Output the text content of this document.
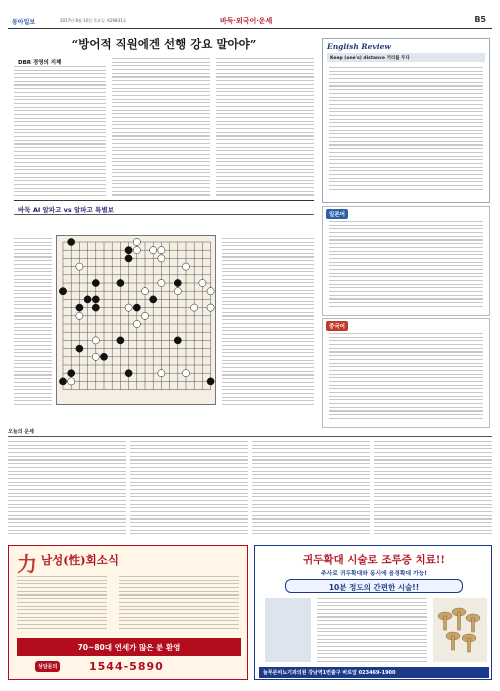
동아일보	2017년 8월 10일 목요일 제29831호	바둑·외국어·운세	B5
“방어적 직원에겐 선행 강요 말아야”
DBR 경영의 지혜
English Review
Keep (one's) distance 거리를 두다
일본어
중국어
바둑 AI 알파고 vs 알파고 특별보
오늘의 운세
力 남성(性)회소식
70~80대 연세가 많은 분 환영
상담문의	1544-5890
귀두확대 시술로 조루증 치료!!
주사로 귀두확대와 동시에 음경확대 가능!
10분 정도의 간편한 시술!!
늘푸른비뇨기과의원 강남역1번출구 바로앞 023469-1900
